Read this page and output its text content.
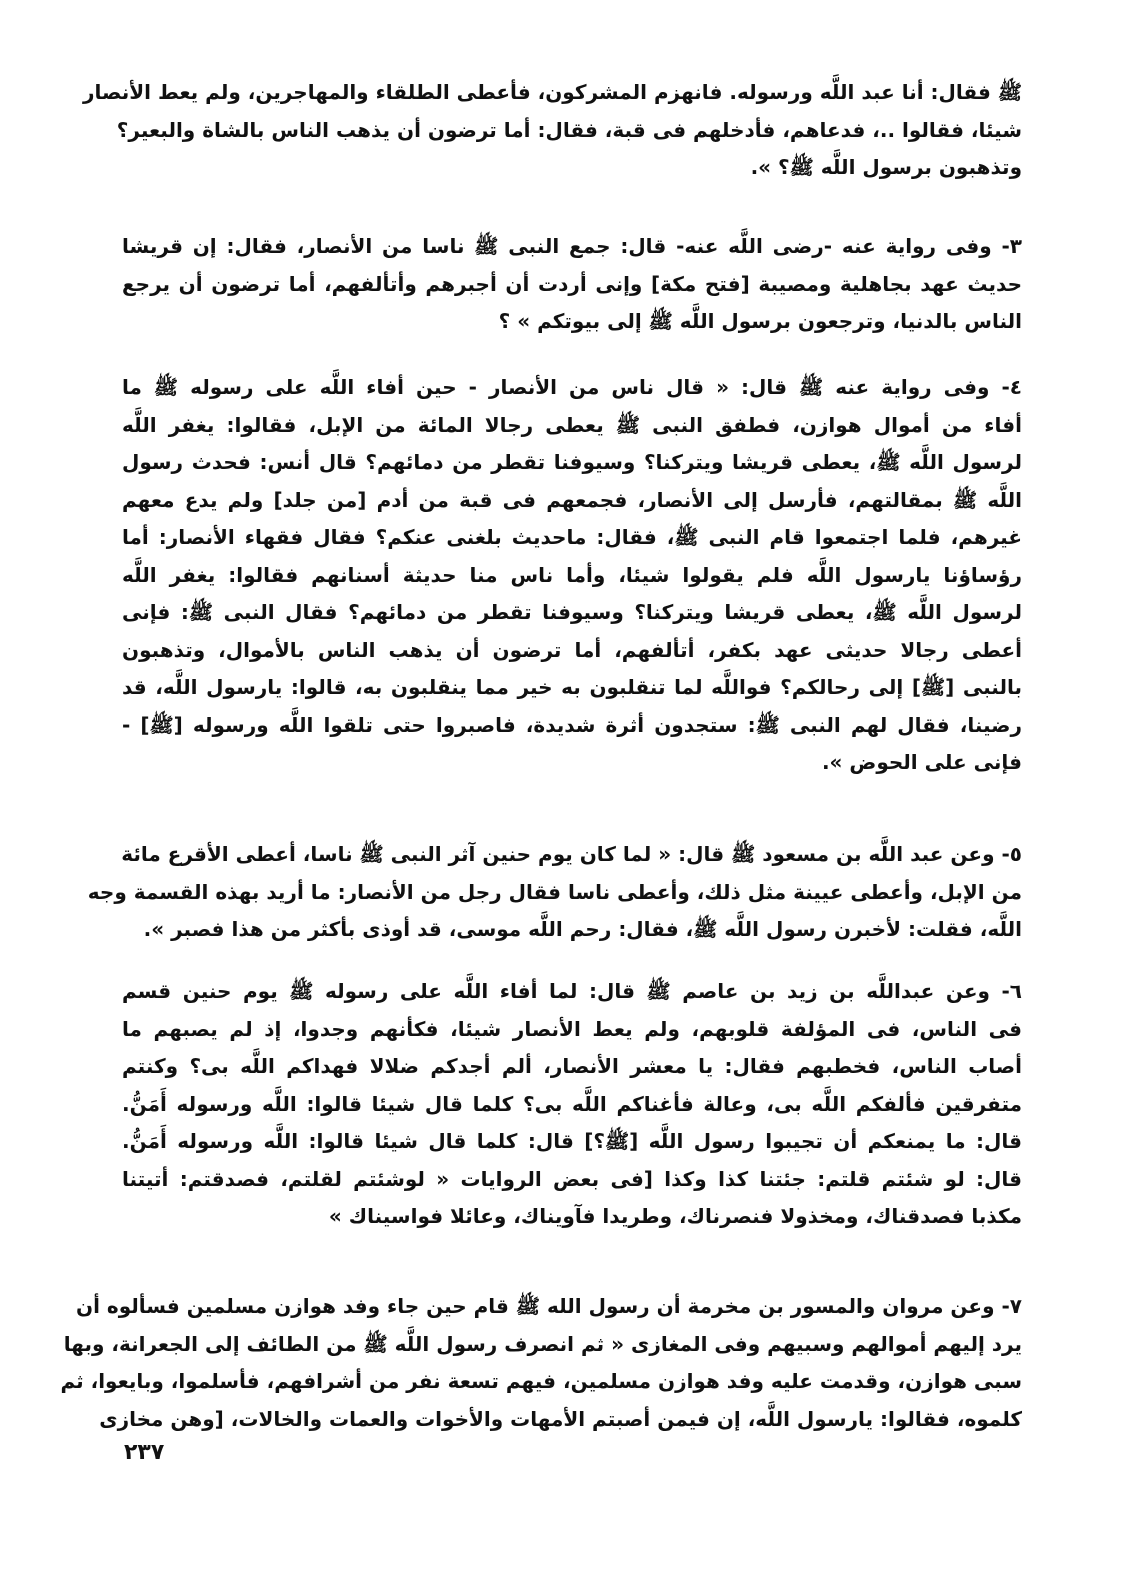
ﷺ فقال: أنا عبد اللَّه ورسوله. فانهزم المشركون، فأعطى الطلقاء والمهاجرين، ولم يعط الأنصار
شيئا، فقالوا ..، فدعاهم، فأدخلهم فى قبة، فقال: أما ترضون أن يذهب الناس بالشاة والبعير؟
وتذهبون برسول اللَّه ﷺ؟ ».

٣- وفى رواية عنه -رضى اللَّه عنه- قال: جمع النبى ﷺ ناسا من الأنصار، فقال: إن قريشا
حديث عهد بجاهلية ومصيبة [فتح مكة] وإنى أردت أن أجبرهم وأتألفهم، أما ترضون أن يرجع
الناس بالدنيا، وترجعون برسول اللَّه ﷺ إلى بيوتكم » ؟

٤- وفى رواية عنه ﷺ قال: « قال ناس من الأنصار - حين أفاء اللَّه على رسوله ﷺ ما
أفاء من أموال هوازن، فطفق النبى ﷺ يعطى رجالا المائة من الإبل، فقالوا: يغفر اللَّه
لرسول اللَّه ﷺ، يعطى قريشا ويتركنا؟ وسيوفنا تقطر من دمائهم؟ قال أنس: فحدث رسول
اللَّه ﷺ بمقالتهم، فأرسل إلى الأنصار، فجمعهم فى قبة من أدم [من جلد] ولم يدع معهم
غيرهم، فلما اجتمعوا قام النبى ﷺ، فقال: ماحديث بلغنى عنكم؟ فقال فقهاء الأنصار: أما
رؤساؤنا يارسول اللَّه فلم يقولوا شيئا، وأما ناس منا حديثة أسنانهم فقالوا: يغفر اللَّه
لرسول اللَّه ﷺ، يعطى قريشا ويتركنا؟ وسيوفنا تقطر من دمائهم؟ فقال النبى ﷺ: فإنى
أعطى رجالا حديثى عهد بكفر، أتألفهم، أما ترضون أن يذهب الناس بالأموال، وتذهبون
بالنبى [ﷺ] إلى رحالكم؟ فواللَّه لما تنقلبون به خير مما ينقلبون به، قالوا: يارسول اللَّه، قد
رضينا، فقال لهم النبى ﷺ: ستجدون أثرة شديدة، فاصبروا حتى تلقوا اللَّه ورسوله [ﷺ] -
فإنى على الحوض ».

٥- وعن عبد اللَّه بن مسعود ﷺ قال: « لما كان يوم حنين آثر النبى ﷺ ناسا، أعطى الأقرع مائة
من الإبل، وأعطى عيينة مثل ذلك، وأعطى ناسا فقال رجل من الأنصار: ما أريد بهذه القسمة وجه
اللَّه، فقلت: لأخبرن رسول اللَّه ﷺ، فقال: رحم اللَّه موسى، قد أوذى بأكثر من هذا فصبر ».

٦- وعن عبداللَّه بن زيد بن عاصم ﷺ قال: لما أفاء اللَّه على رسوله ﷺ يوم حنين قسم
فى الناس، فى المؤلفة قلوبهم، ولم يعط الأنصار شيئا، فكأنهم وجدوا، إذ لم يصبهم ما
أصاب الناس، فخطبهم فقال: يا معشر الأنصار، ألم أجدكم ضلالا فهداكم اللَّه بى؟ وكنتم
متفرقين فألفكم اللَّه بى، وعالة فأغناكم اللَّه بى؟ كلما قال شيئا قالوا: اللَّه ورسوله أَمَنُّ.
قال: ما يمنعكم أن تجيبوا رسول اللَّه [ﷺ؟] قال: كلما قال شيئا قالوا: اللَّه ورسوله أَمَنُّ.
قال: لو شئتم قلتم: جئتنا كذا وكذا [فى بعض الروايات « لوشئتم لقلتم، فصدقتم: أتيتنا
مكذبا فصدقناك، ومخذولا فنصرناك، وطريدا فآويناك، وعائلا فواسيناك »

٧- وعن مروان والمسور بن مخرمة أن رسول الله ﷺ قام حين جاء وفد هوازن مسلمين فسألوه أن
يرد إليهم أموالهم وسبيهم وفى المغازى « ثم انصرف رسول اللَّه ﷺ من الطائف إلى الجعرانة، وبها
سبى هوازن، وقدمت عليه وفد هوازن مسلمين، فيهم تسعة نفر من أشرافهم، فأسلموا، وبايعوا، ثم
كلموه، فقالوا: يارسول اللَّه، إن فيمن أصبتم الأمهات والأخوات والعمات والخالات، [وهن مخازى

٢٣٧
